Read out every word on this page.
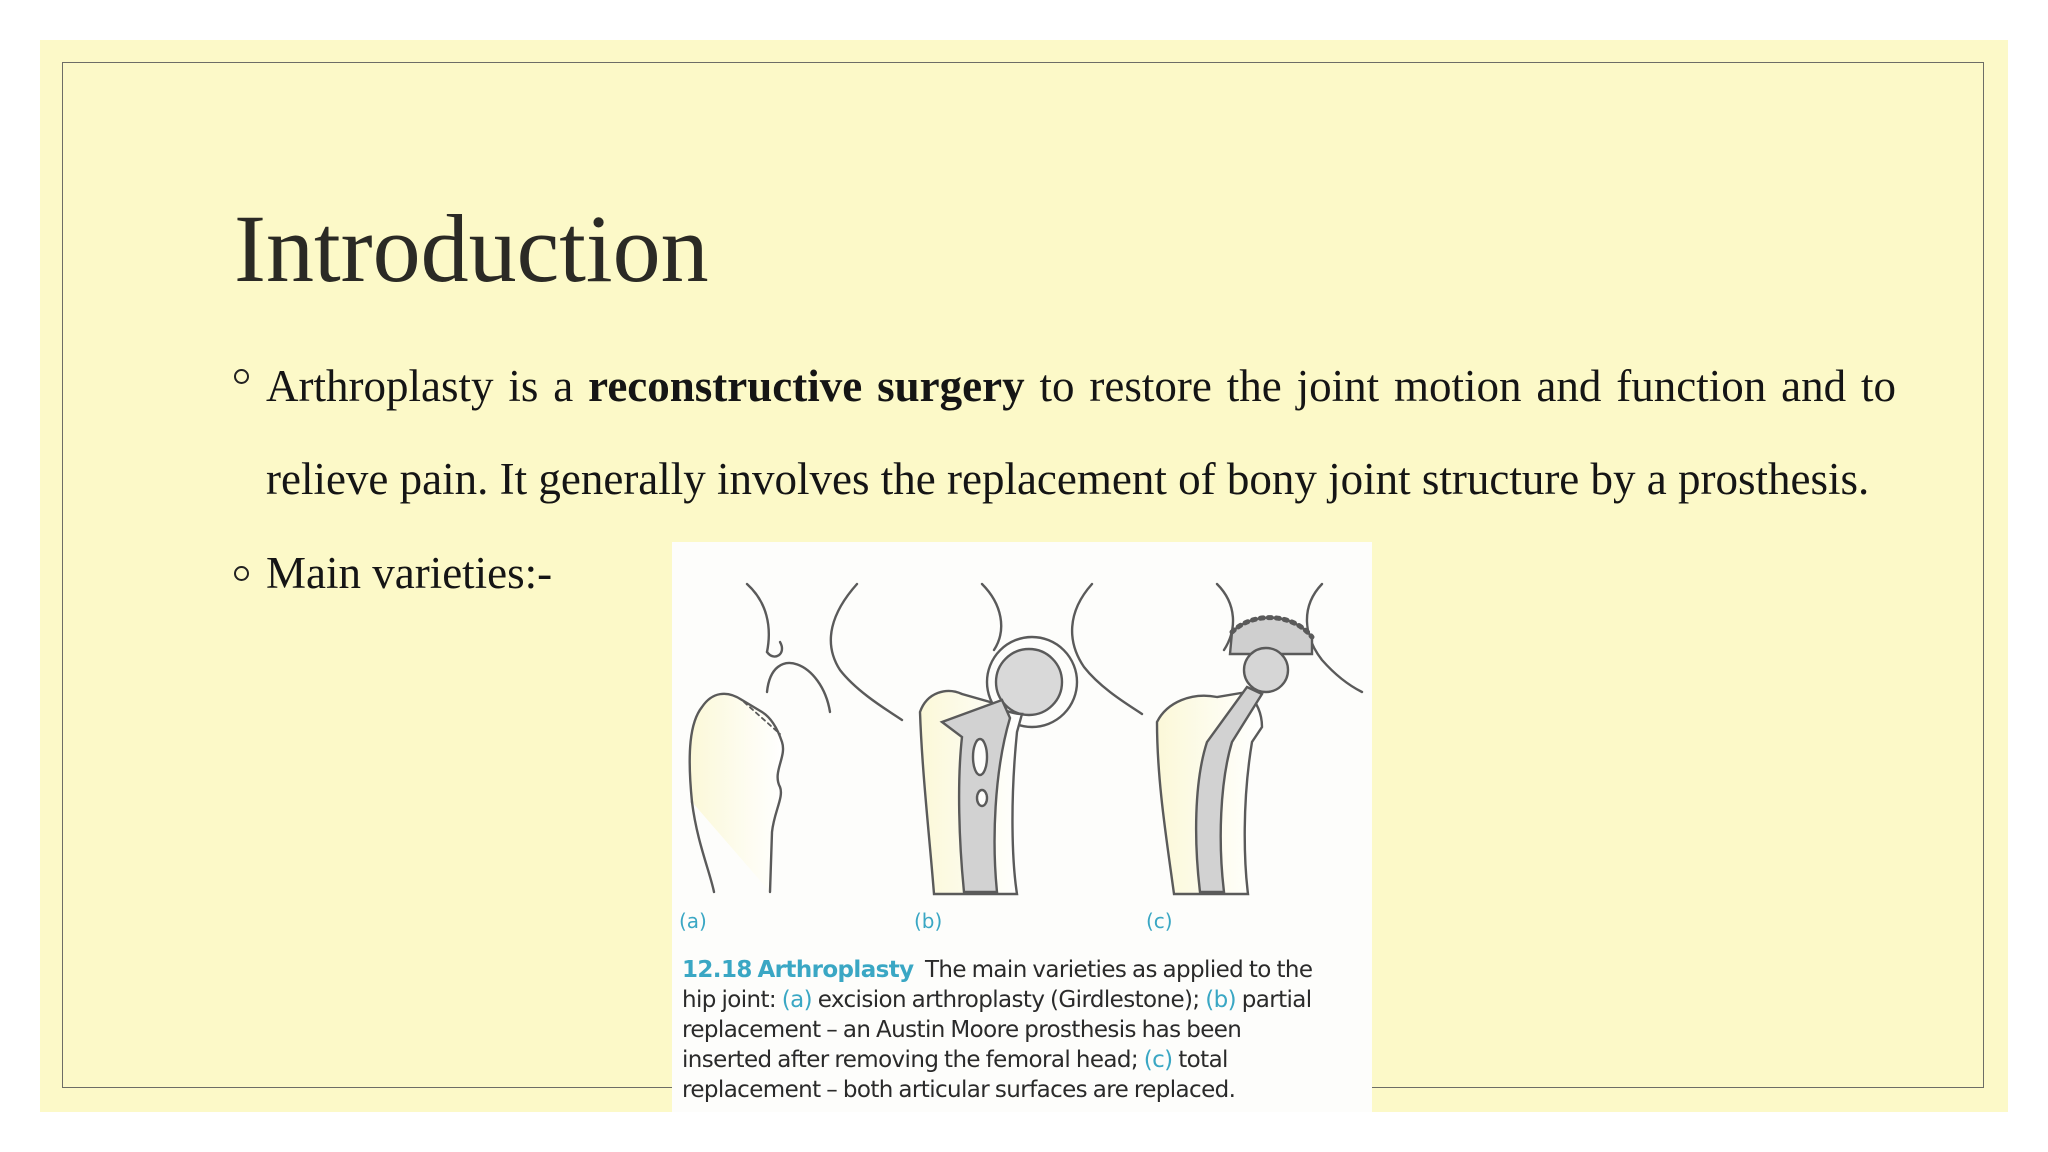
Introduction
Arthroplasty is a reconstructive surgery to restore the joint motion and function and to relieve pain. It generally involves the replacement of bony joint structure by a prosthesis.
Main varieties:-
(a)	(b)	(c)
12.18 Arthroplasty The main varieties as applied to the
hip joint: (a) excision arthroplasty (Girdlestone); (b) partial
replacement – an Austin Moore prosthesis has been
inserted after removing the femoral head; (c) total
replacement – both articular surfaces are replaced.
